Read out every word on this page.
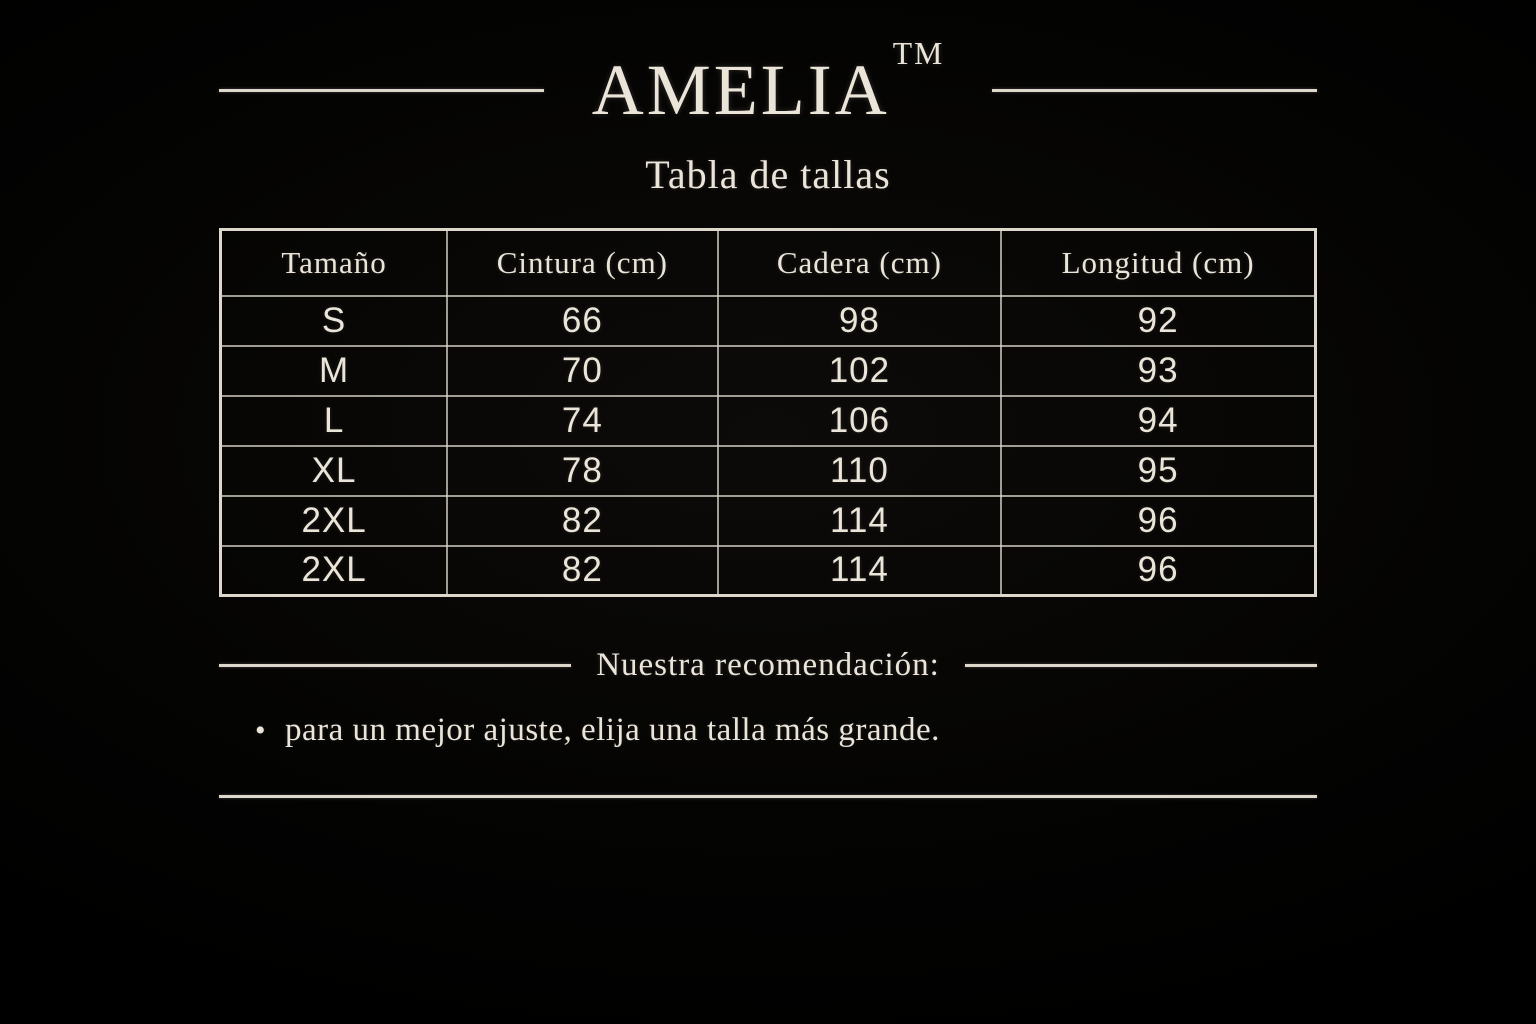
AMELIA™
Tabla de tallas
Tamaño	Cintura (cm)	Cadera (cm)	Longitud (cm)
S	66	98	92
M	70	102	93
L	74	106	94
XL	78	110	95
2XL	82	114	96
2XL	82	114	96
Nuestra recomendación:
• para un mejor ajuste, elija una talla más grande.
